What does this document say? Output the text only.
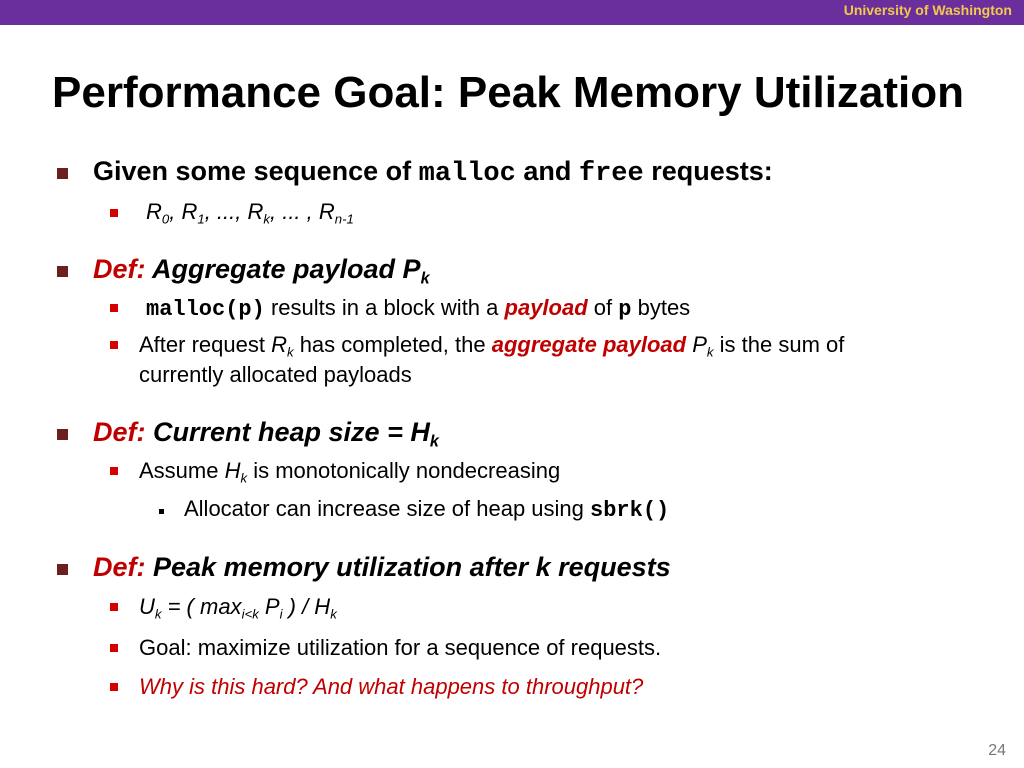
University of Washington
Performance Goal: Peak Memory Utilization
Given some sequence of malloc and free requests:
$R_0$, $R_1$, ..., $R_k$, ... , $R_{n-1}$
Def: Aggregate payload $P_k$
malloc(p) results in a block with a payload of p bytes
After request $R_k$ has completed, the aggregate payload $P_k$ is the sum of
currently allocated payloads
Def: Current heap size = $H_k$
Assume $H_k$ is monotonically nondecreasing
Allocator can increase size of heap using sbrk()
Def: Peak memory utilization after k requests
$U_k$ = ( $\max_{i<k} P_i$ ) / $H_k$
Goal: maximize utilization for a sequence of requests.
Why is this hard? And what happens to throughput?
24
